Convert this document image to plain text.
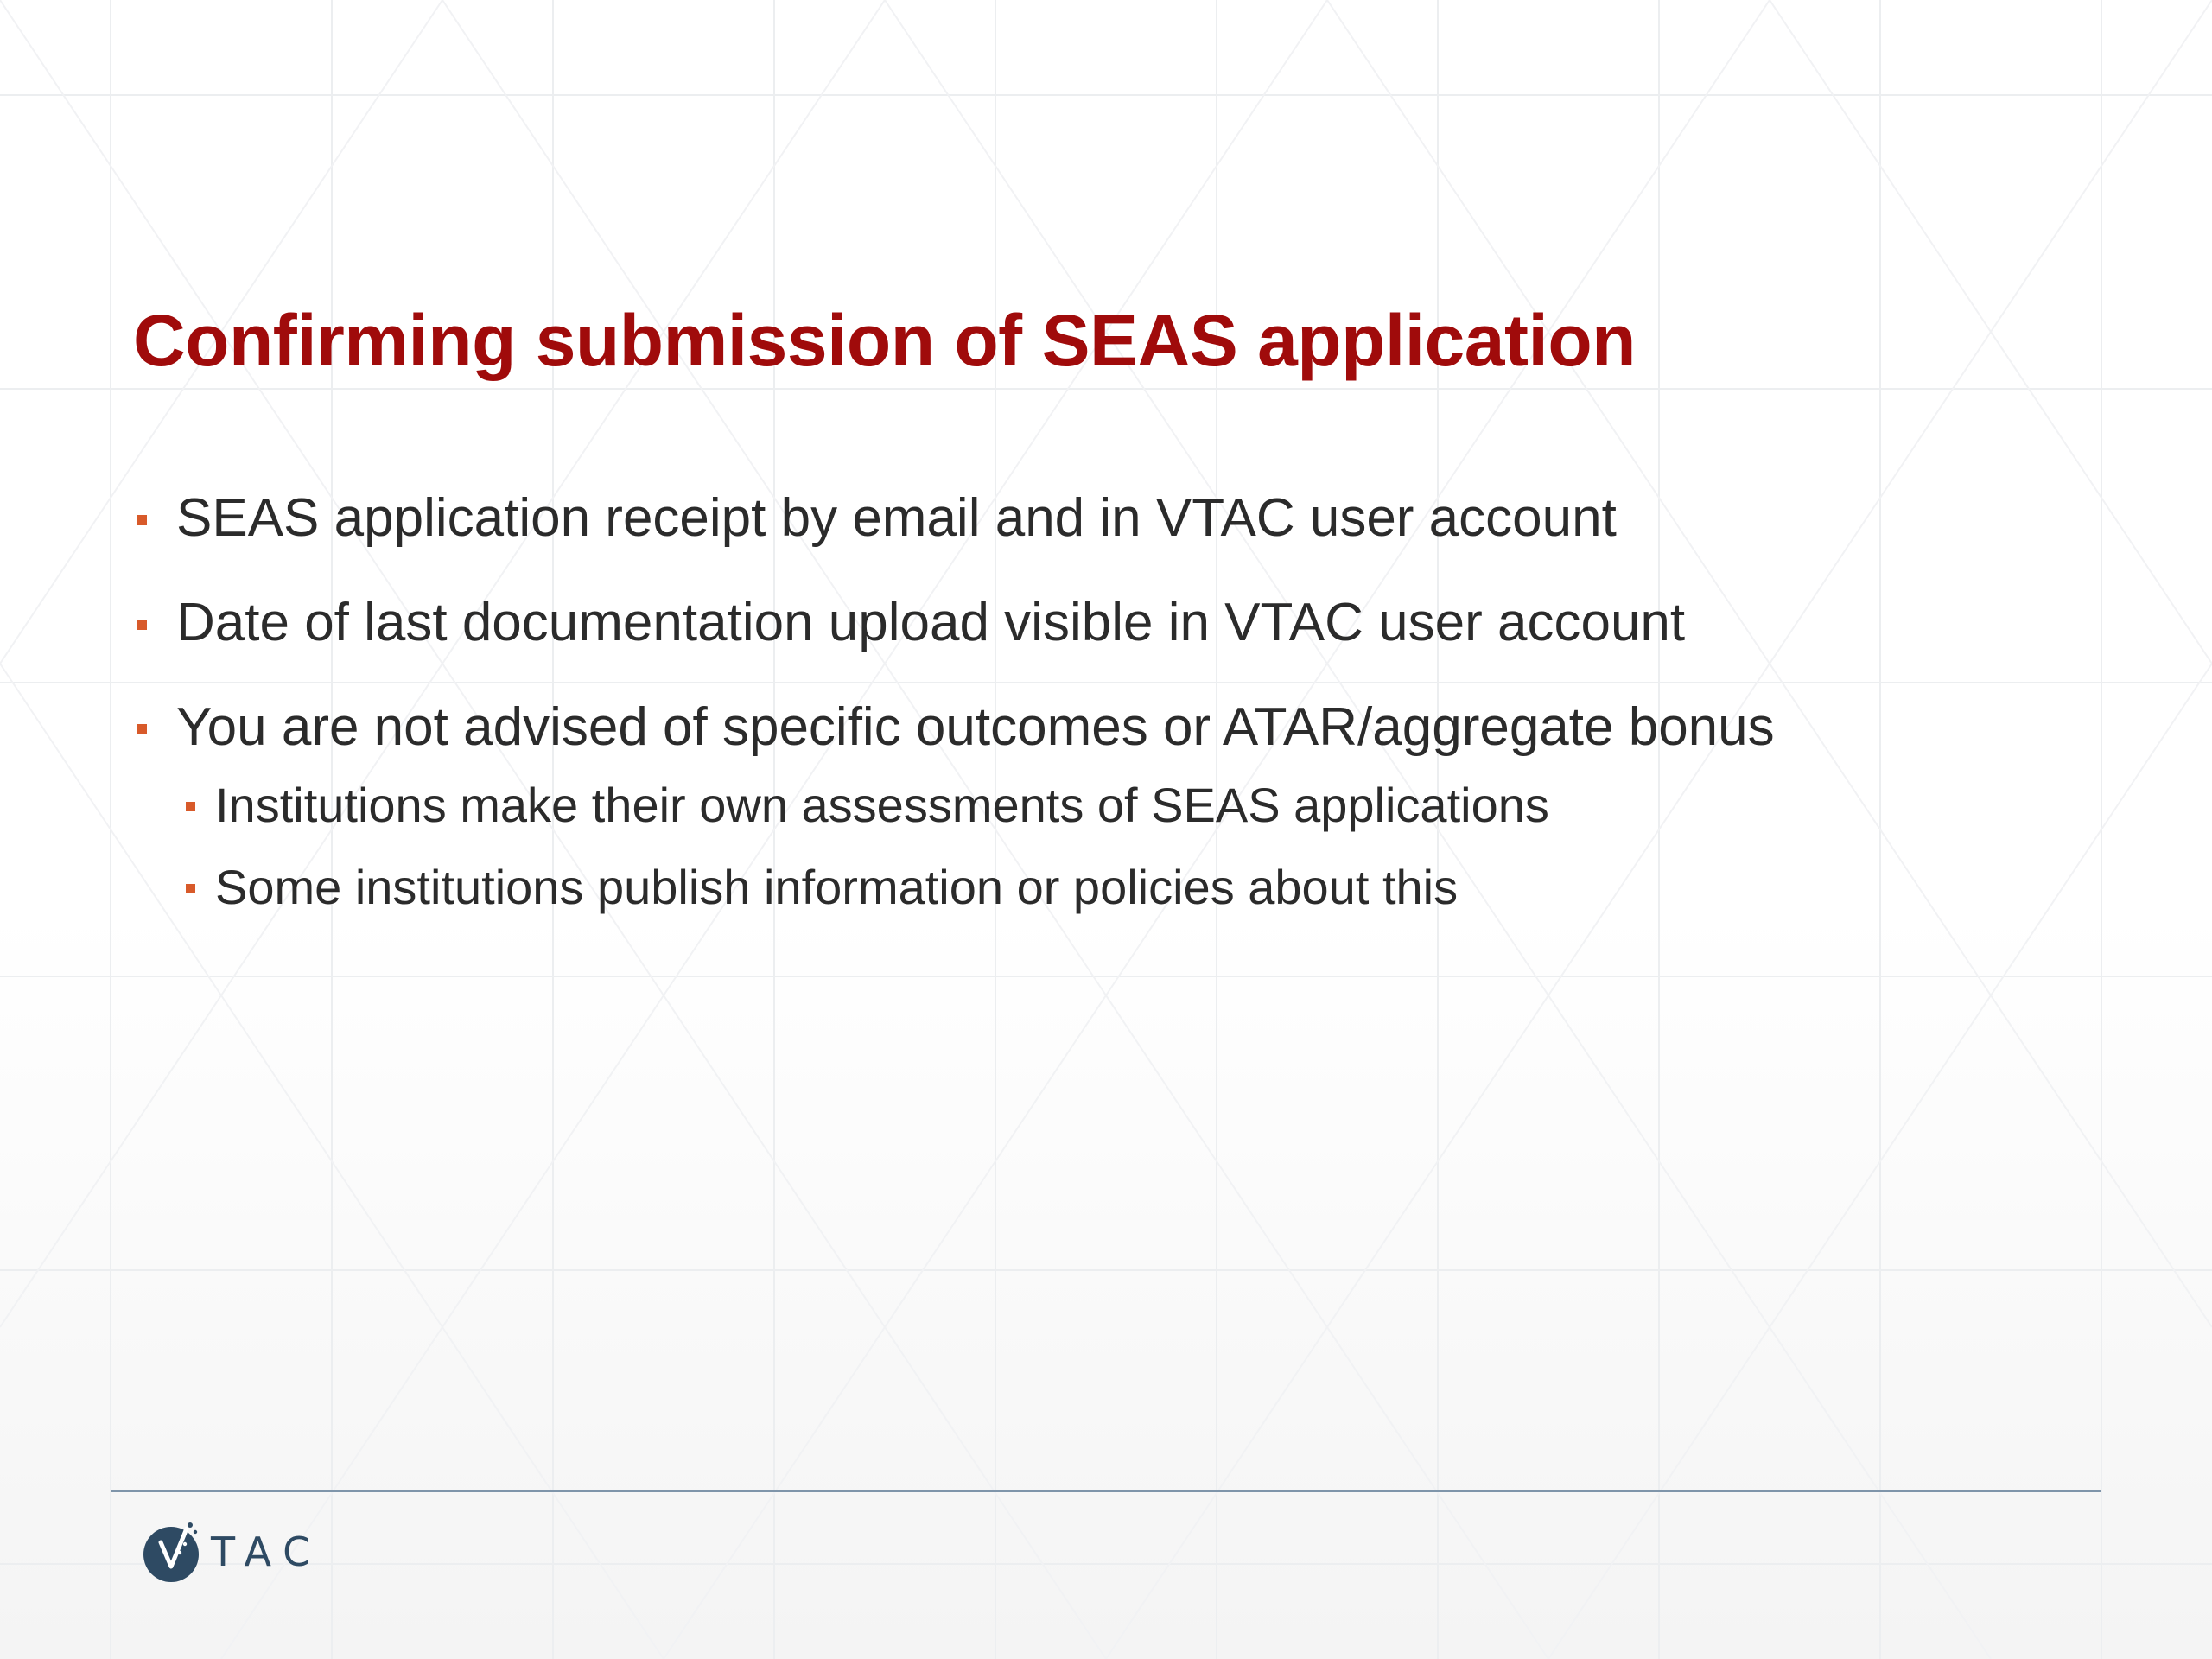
Confirming submission of SEAS application
SEAS application receipt by email and in VTAC user account
Date of last documentation upload visible in VTAC user account
You are not advised of specific outcomes or ATAR/aggregate bonus
Institutions make their own assessments of SEAS applications
Some institutions publish information or policies about this
TAC
